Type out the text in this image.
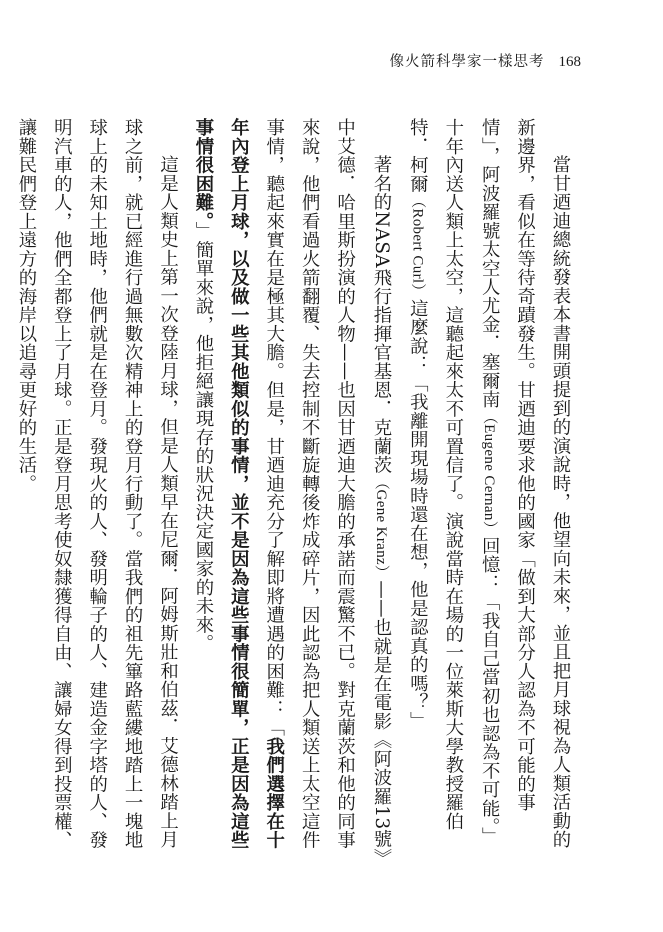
像火箭科學家一樣思考 168

當甘迺迪總統發表本書開頭提到的演說時，他望向未來，並且把月球視為人類活動的新邊界，看似在等待奇蹟發生。甘迺迪要求他的國家「做到大部分人認為不可能的事情」，阿波羅號太空人尤金．塞爾南（Eugene Cernan）回憶：「我自己當初也認為不可能。」十年內送人類上太空，這聽起來太不可置信了。演說當時在場的一位萊斯大學教授羅伯特．柯爾（Robert Curl）這麼說：「我離開現場時還在想，他是認真的嗎？」

著名的NASA飛行指揮官基恩．克蘭茨（Gene Kranz）——也就是在電影《阿波羅13號》中艾德．哈里斯扮演的人物——也因甘迺迪大膽的承諾而震驚不已。對克蘭茨和他的同事來說，他們看過火箭翻覆、失去控制不斷旋轉後炸成碎片，因此認為把人類送上太空這件事情，聽起來實在是極其大膽。但是，甘迺迪充分了解即將遭遇的困難：「我們選擇在十年內登上月球，以及做一些其他類似的事情，並不是因為這些事情很簡單，正是因為這些事情很困難。」簡單來說，他拒絕讓現存的狀況決定國家的未來。

這是人類史上第一次登陸月球，但是人類早在尼爾．阿姆斯壯和伯茲．艾德林踏上月球之前，就已經進行過無數次精神上的登月行動了。當我們的祖先篳路藍縷地踏上一塊地球上的未知土地時，他們就是在登月。發現火的人、發明輪子的人、建造金字塔的人、發明汽車的人，他們全都登上了月球。正是登月思考使奴隸獲得自由、讓婦女得到投票權、讓難民們登上遠方的海岸以追尋更好的生活。
